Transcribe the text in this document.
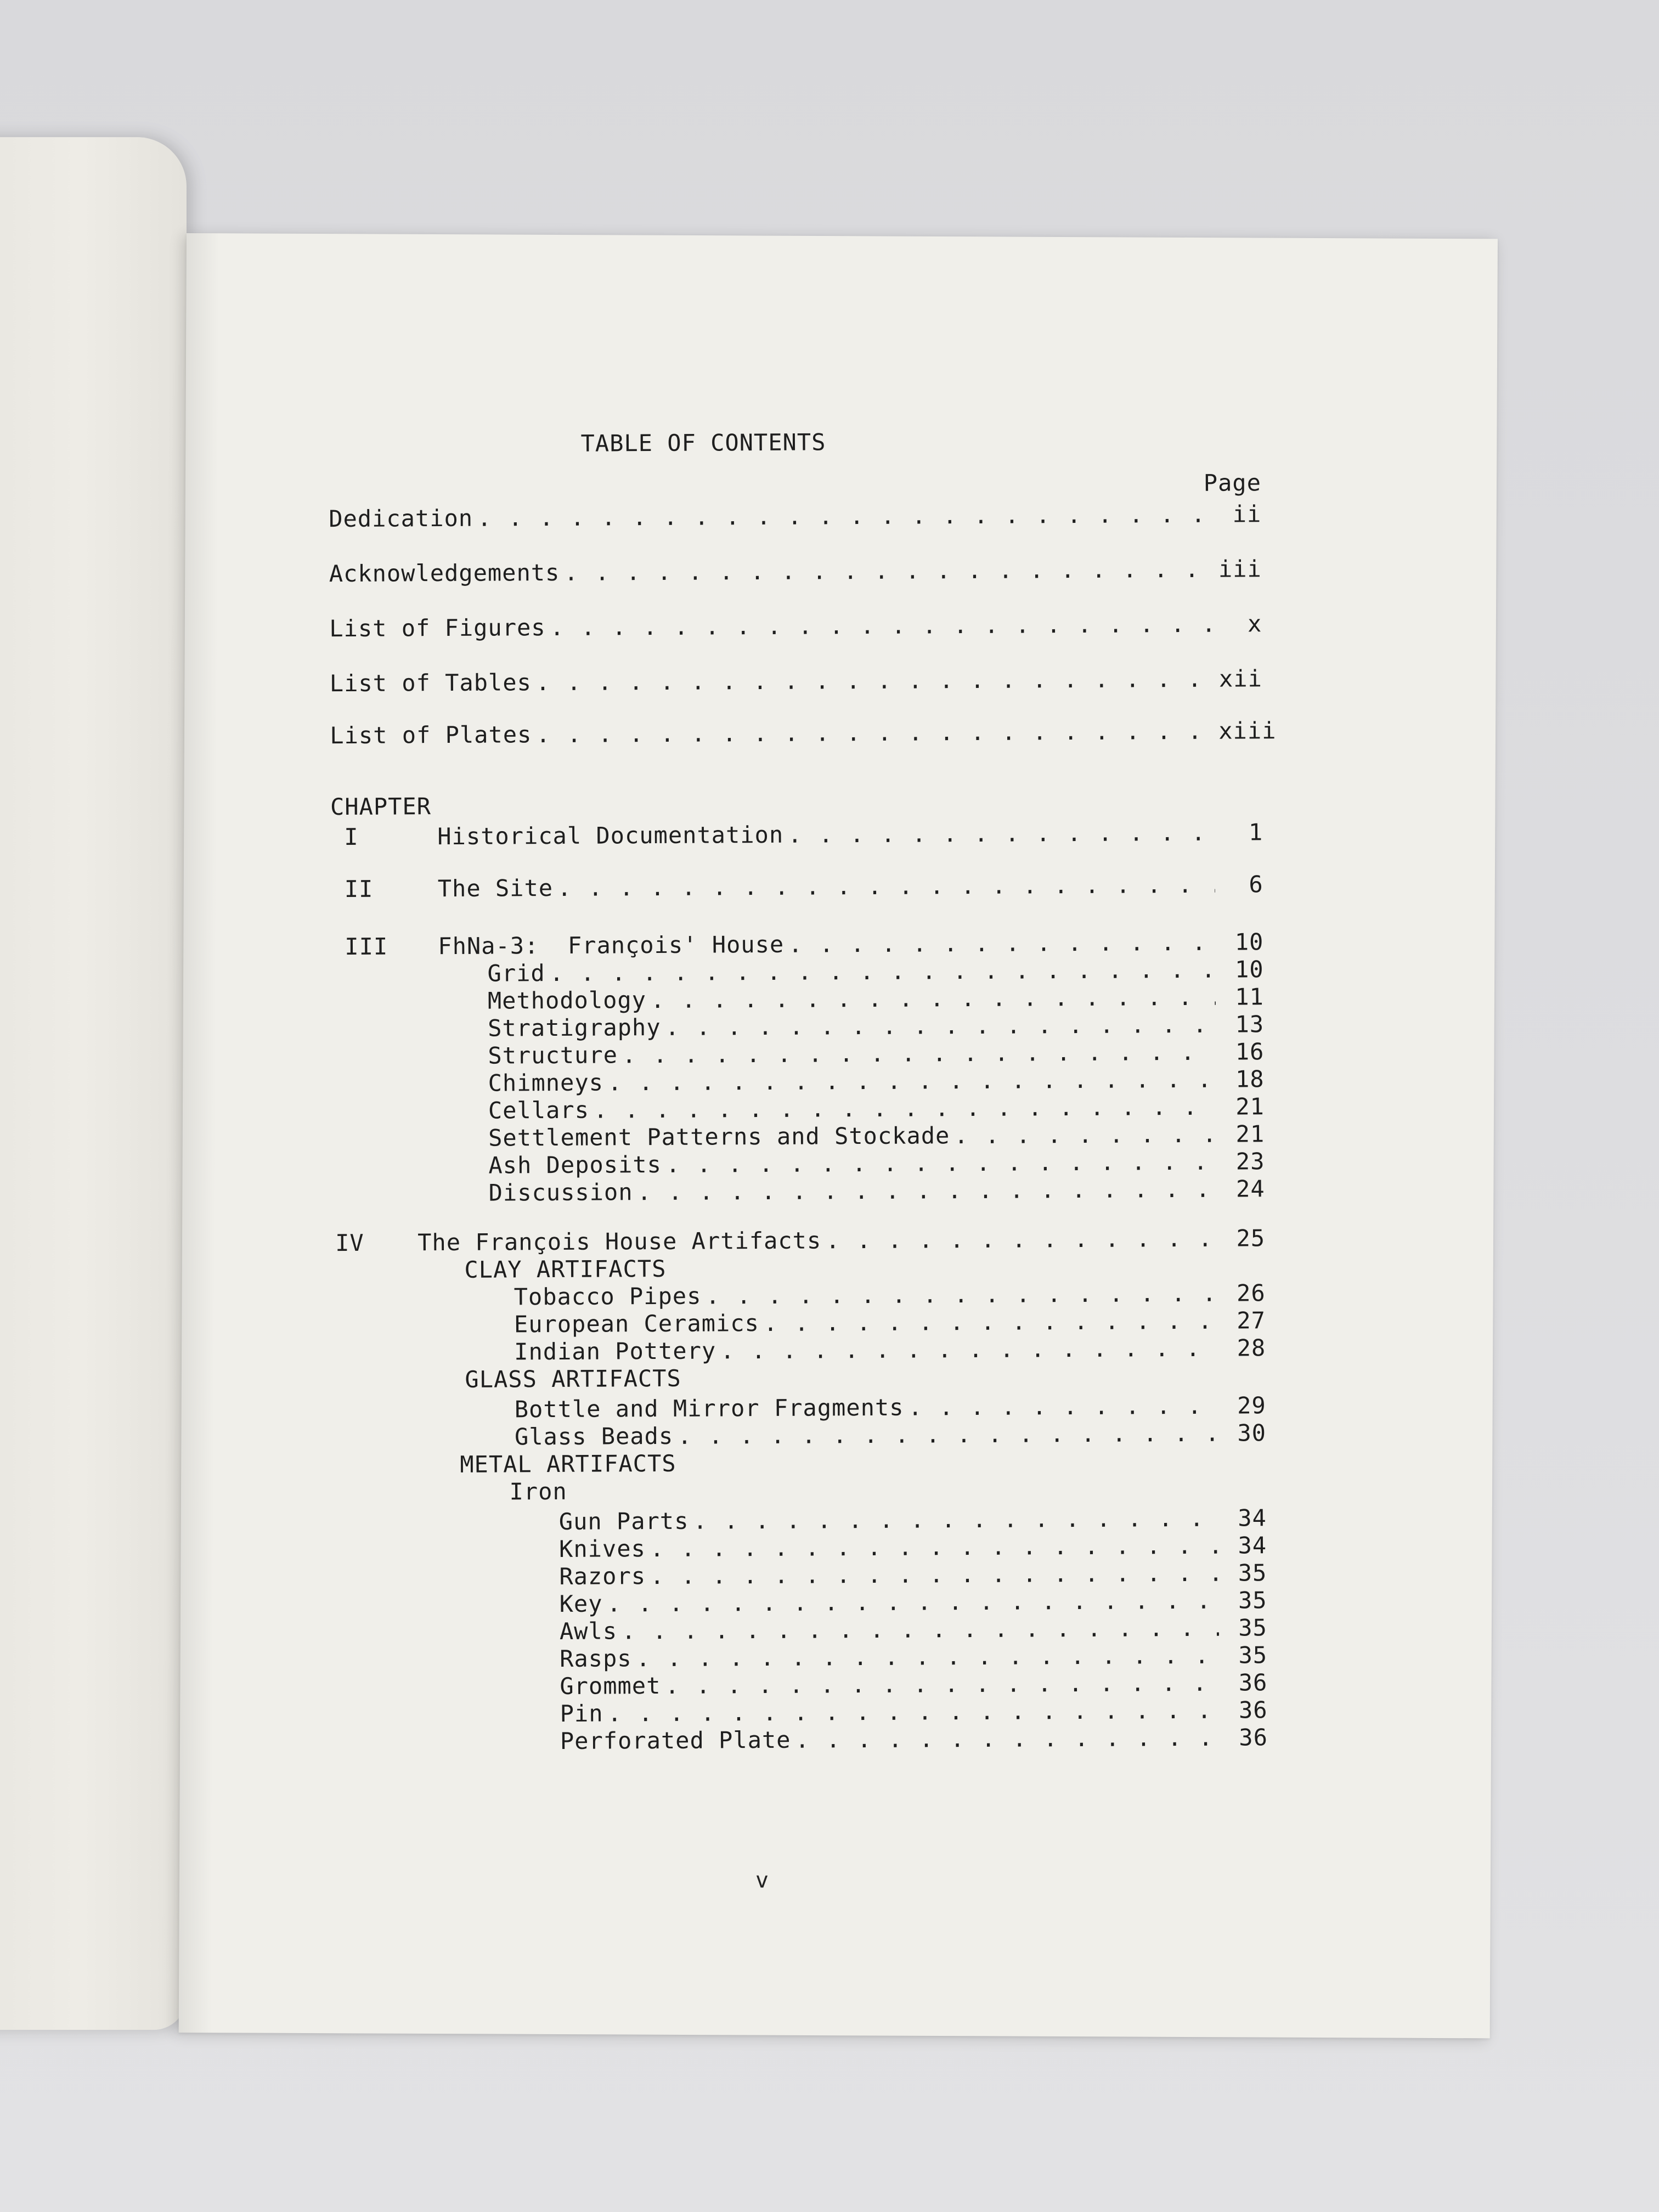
TABLE OF CONTENTS
Page
Dedication . . .	ii
Acknowledgements . . .	iii
List of Figures . . .	x
List of Tables . . .	xii
List of Plates . . .	xiii
CHAPTER
I	Historical Documentation . . .	1
II	The Site . . .	6
III	FhNa-3:  François' House . . .	10
Grid . . .	10
Methodology . . .	11
Stratigraphy . . .	13
Structure . . .	16
Chimneys . . .	18
Cellars . . .	21
Settlement Patterns and Stockade . . .	21
Ash Deposits . . .	23
Discussion . . .	24
IV	The François House Artifacts . . .	25
CLAY ARTIFACTS
Tobacco Pipes . . .	26
European Ceramics . . .	27
Indian Pottery . . .	28
GLASS ARTIFACTS
Bottle and Mirror Fragments . . .	29
Glass Beads . . .	30
METAL ARTIFACTS
Iron
Gun Parts . . .	34
Knives . . .	34
Razors . . .	35
Key . . .	35
Awls . . .	35
Rasps . . .	35
Grommet . . .	36
Pin . . .	36
Perforated Plate . . .	36
v
